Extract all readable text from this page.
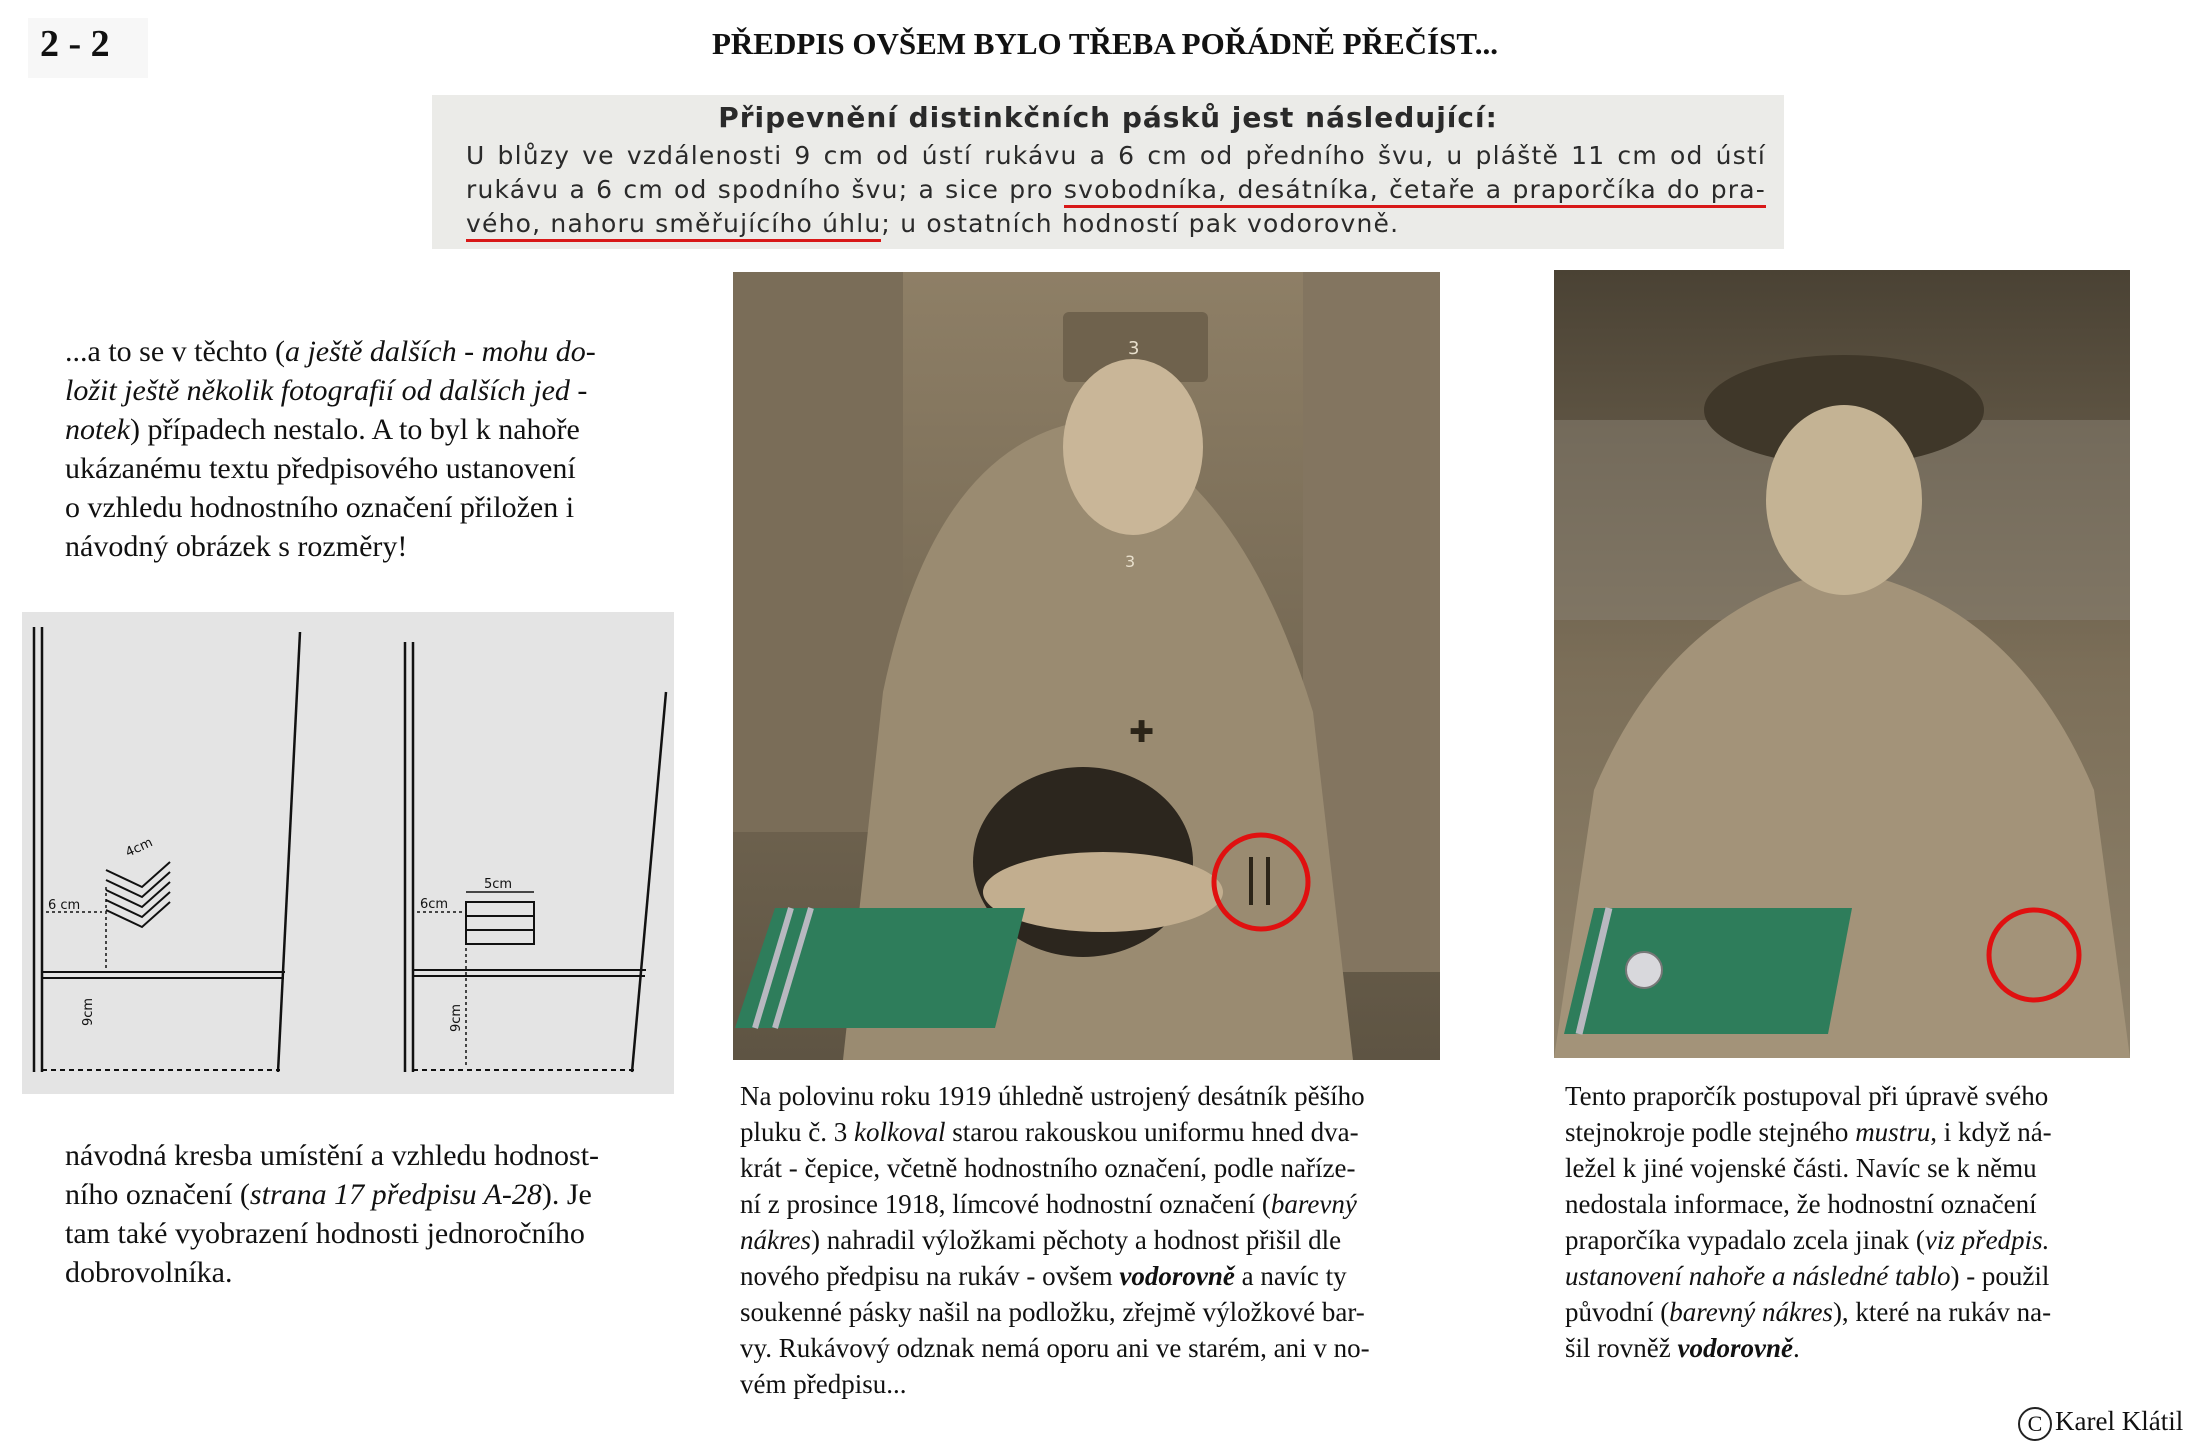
2 - 2	PŘEDPIS OVŠEM BYLO TŘEBA POŘÁDNĚ PŘEČÍST...
Připevnění distinkčních pásků jest následující:
U blůzy ve vzdálenosti 9 cm od ústí rukávu a 6 cm od předního švu, u pláště 11 cm od ústí
rukávu a 6 cm od spodního švu; a sice pro svobodníka, desátníka, četaře a praporčíka do pra-
vého, nahoru směřujícího úhlu; u ostatních hodností pak vodorovně.

...a to se v těchto (a ještě dalších - mohu do-

ložit ještě několik fotografií od dalších jed -

notek) případech nestalo. A to byl k nahoře

ukázanému textu předpisového ustanovení

o vzhledu hodnostního označení přiložen i

návodný obrázek s rozměry!

6 cm
9cm
4cm
5cm
6cm
9cm

návodná kresba umístění a vzhledu hodnost-

ního označení (strana 17 předpisu A-28). Je

tam také vyobrazení hodnosti jednoročního

dobrovolníka.

3
3
✚

Na polovinu roku 1919 úhledně ustrojený desátník pěšího

pluku č. 3 kolkoval starou rakouskou uniformu hned dva-

krát - čepice, včetně hodnostního označení, podle naříze-

ní z prosince 1918, límcové hodnostní označení (barevný

nákres) nahradil výložkami pěchoty a hodnost přišil dle

nového předpisu na rukáv - ovšem vodorovně a navíc ty

soukenné pásky našil na podložku, zřejmě výložkové bar-

vy. Rukávový odznak nemá oporu ani ve starém, ani v no-

vém předpisu...

Tento praporčík postupoval při úpravě svého

stejnokroje podle stejného mustru, i když ná-

ležel k jiné vojenské části. Navíc se k němu

nedostala informace, že hodnostní označení

praporčíka vypadalo zcela jinak (viz předpis.

ustanovení nahoře a následné tablo) - použil

původní (barevný nákres), které na rukáv na-

šil rovněž vodorovně.

C Karel Klátil
